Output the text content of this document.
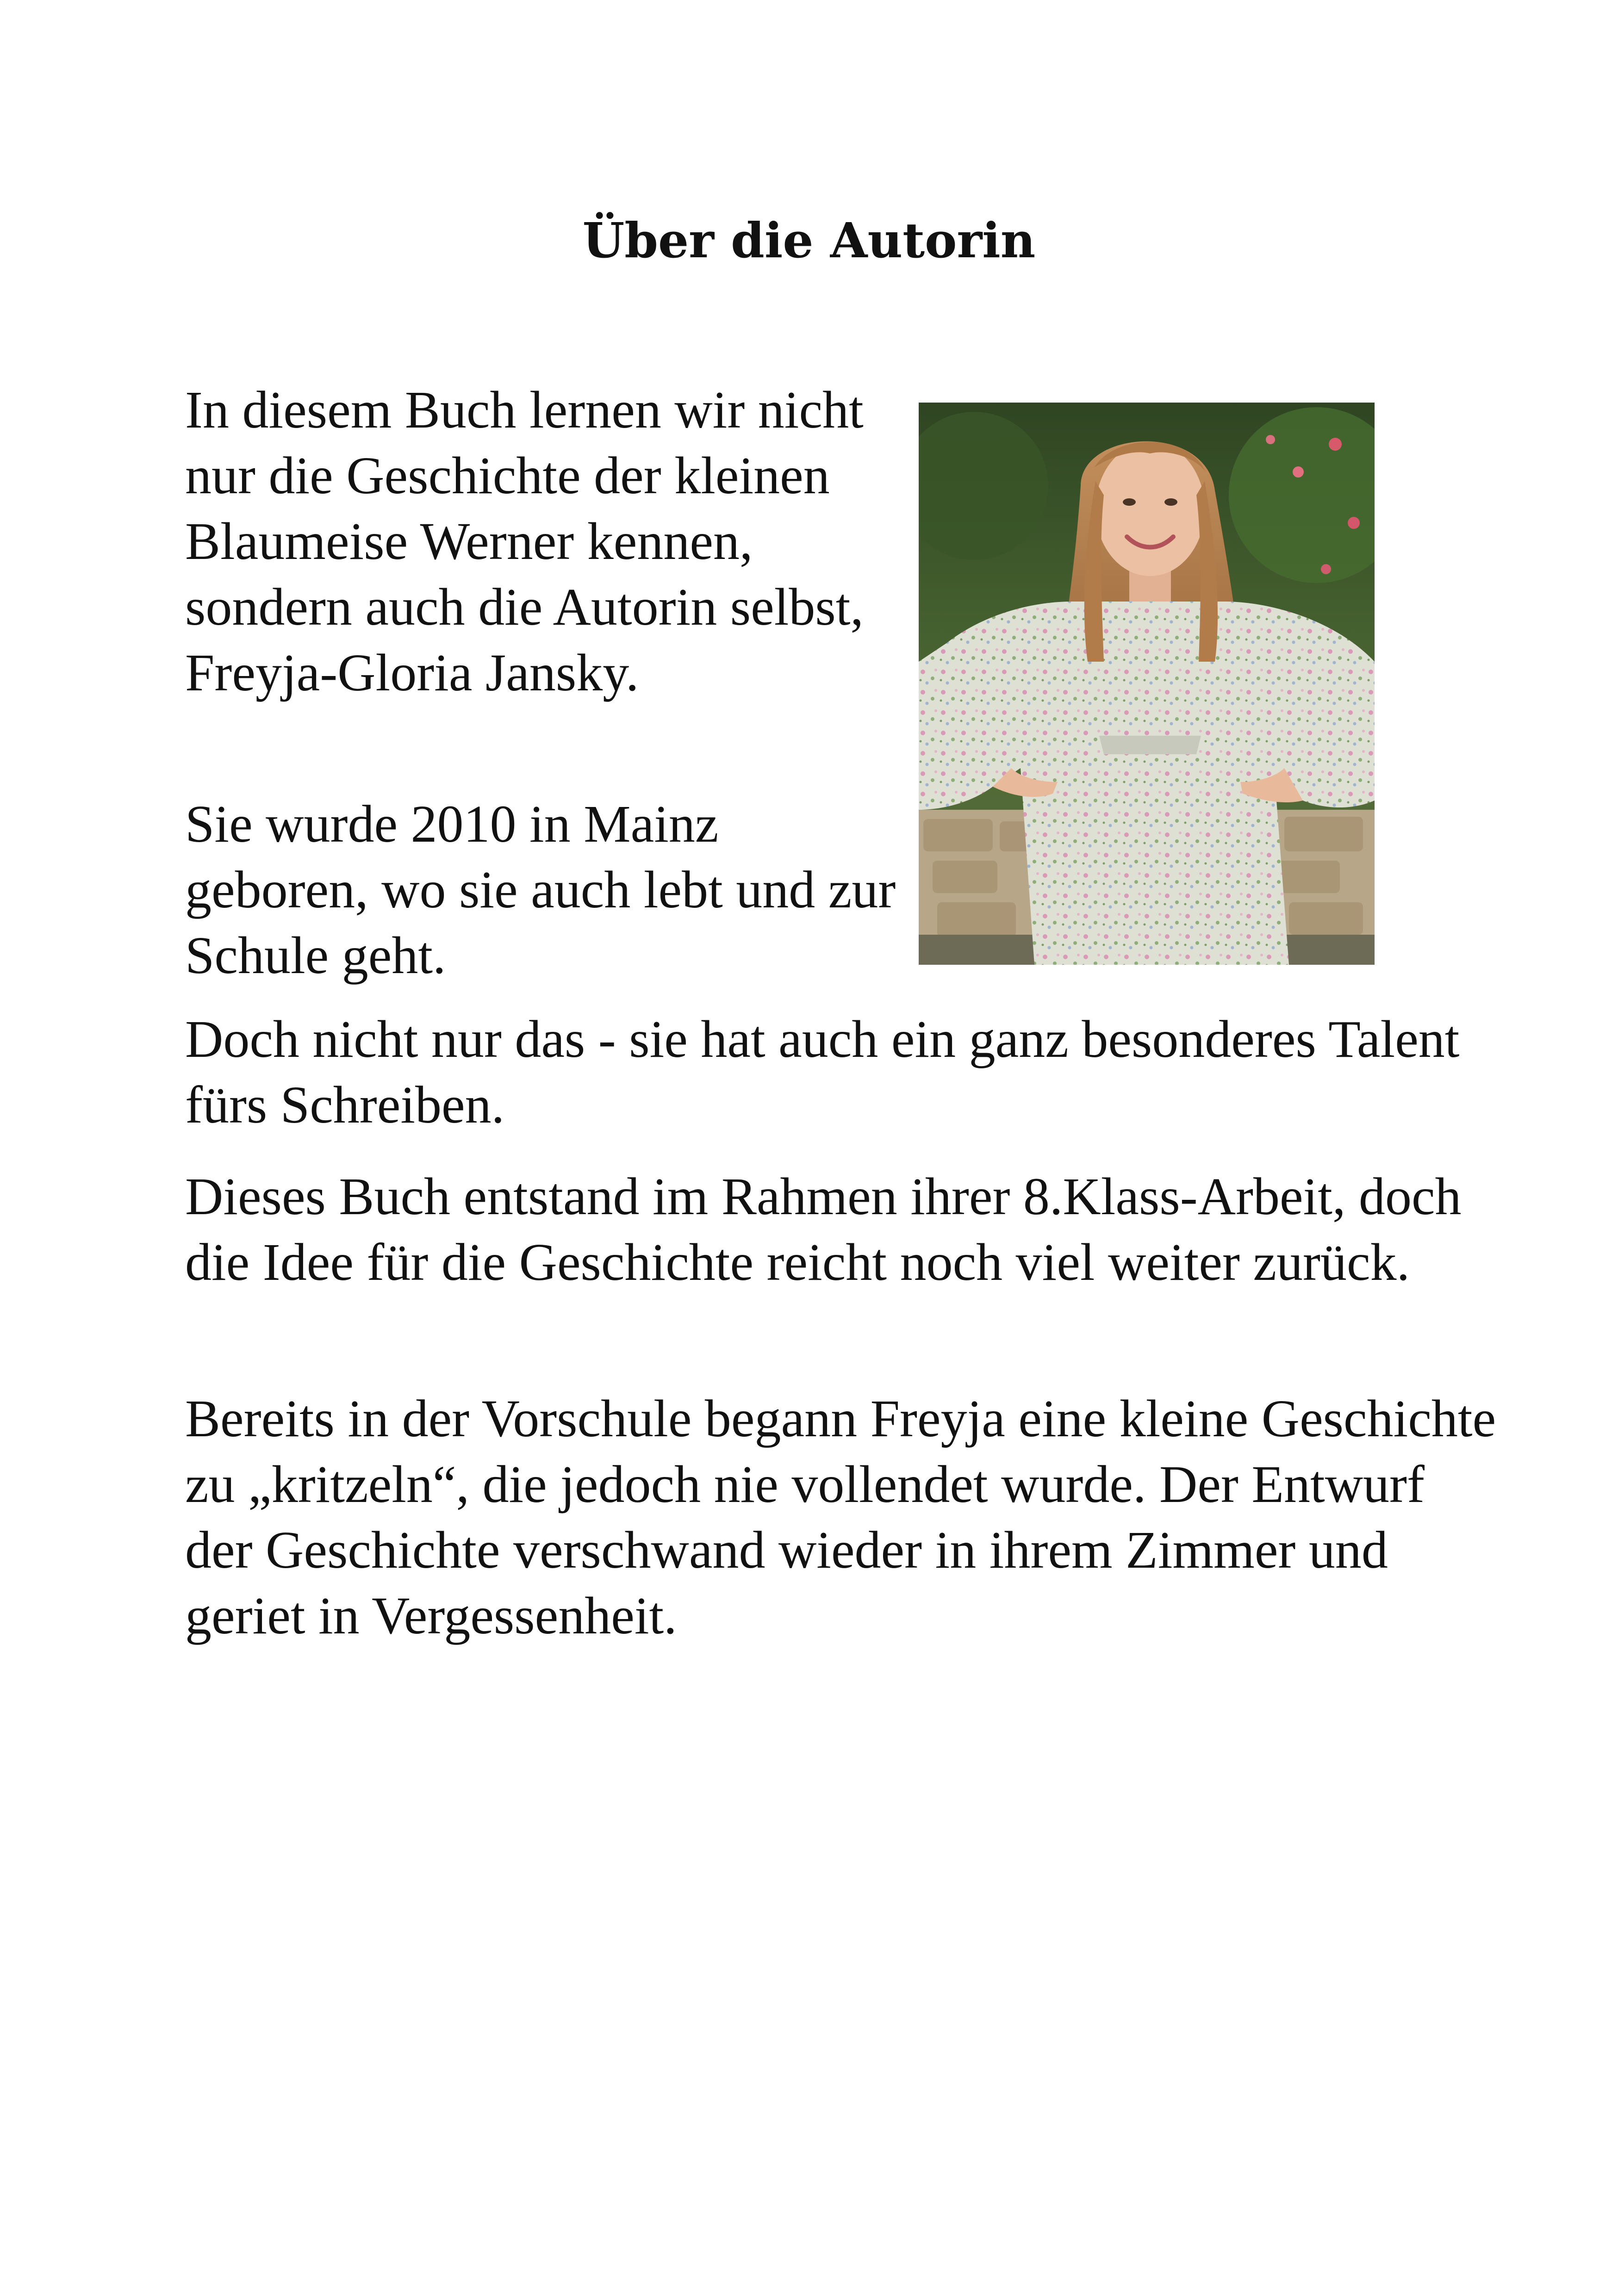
Über die Autorin

In diesem Buch lernen wir nicht nur die Geschichte der kleinen Blaumeise Werner kennen, sondern auch die Autorin selbst, Freyja-Gloria Jansky.

Sie wurde 2010 in Mainz geboren, wo sie auch lebt und zur Schule geht.

Doch nicht nur das - sie hat auch ein ganz besonderes Talent fürs Schreiben.

Dieses Buch entstand im Rahmen ihrer 8.Klass-Arbeit, doch die Idee für die Geschichte reicht noch viel weiter zurück.

Bereits in der Vorschule begann Freyja eine kleine Geschichte zu „kritzeln“, die jedoch nie vollendet wurde. Der Entwurf der Geschichte verschwand wieder in ihrem Zimmer und geriet in Vergessenheit.
